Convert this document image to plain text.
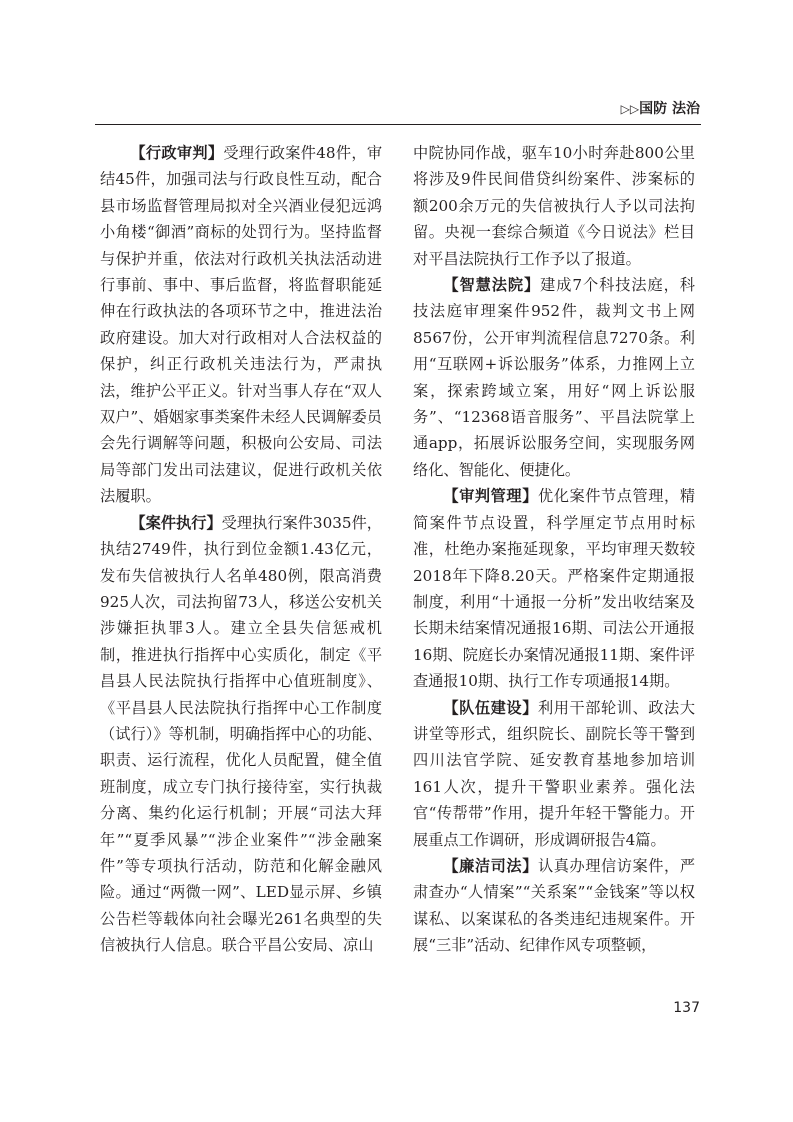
▷▷国防 法治

【行政审判】受理行政案件48件，审结45件，加强司法与行政良性互动，配合县市场监督管理局拟对全兴酒业侵犯远鸿小角楼“御酒”商标的处罚行为。坚持监督与保护并重，依法对行政机关执法活动进行事前、事中、事后监督，将监督职能延伸在行政执法的各项环节之中，推进法治政府建设。加大对行政相对人合法权益的保护，纠正行政机关违法行为，严肃执法，维护公平正义。针对当事人存在“双人双户”、婚姻家事类案件未经人民调解委员会先行调解等问题，积极向公安局、司法局等部门发出司法建议，促进行政机关依法履职。

【案件执行】受理执行案件3035件，执结2749件，执行到位金额1.43亿元，发布失信被执行人名单480例，限高消费925人次，司法拘留73人，移送公安机关涉嫌拒执罪3人。建立全县失信惩戒机制，推进执行指挥中心实质化，制定《平昌县人民法院执行指挥中心值班制度》、《平昌县人民法院执行指挥中心工作制度（试行）》等机制，明确指挥中心的功能、职责、运行流程，优化人员配置，健全值班制度，成立专门执行接待室，实行执裁分离、集约化运行机制；开展“司法大拜年”“夏季风暴”“涉企业案件”“涉金融案件”等专项执行活动，防范和化解金融风险。通过“两微一网”、LED显示屏、乡镇公告栏等载体向社会曝光261名典型的失信被执行人信息。联合平昌公安局、凉山

中院协同作战，驱车10小时奔赴800公里将涉及9件民间借贷纠纷案件、涉案标的额200余万元的失信被执行人予以司法拘留。央视一套综合频道《今日说法》栏目对平昌法院执行工作予以了报道。

【智慧法院】建成7个科技法庭，科技法庭审理案件952件，裁判文书上网8567份，公开审判流程信息7270条。利用“互联网+诉讼服务”体系，力推网上立案，探索跨域立案，用好“网上诉讼服务”、“12368语音服务”、平昌法院掌上通app，拓展诉讼服务空间，实现服务网络化、智能化、便捷化。

【审判管理】优化案件节点管理，精简案件节点设置，科学厘定节点用时标准，杜绝办案拖延现象，平均审理天数较2018年下降8.20天。严格案件定期通报制度，利用“十通报一分析”发出收结案及长期未结案情况通报16期、司法公开通报16期、院庭长办案情况通报11期、案件评查通报10期、执行工作专项通报14期。

【队伍建设】利用干部轮训、政法大讲堂等形式，组织院长、副院长等干警到四川法官学院、延安教育基地参加培训161人次，提升干警职业素养。强化法官“传帮带”作用，提升年轻干警能力。开展重点工作调研，形成调研报告4篇。

【廉洁司法】认真办理信访案件，严肃查办“人情案”“关系案”“金钱案”等以权谋私、以案谋私的各类违纪违规案件。开展“三非”活动、纪律作风专项整顿，

137
